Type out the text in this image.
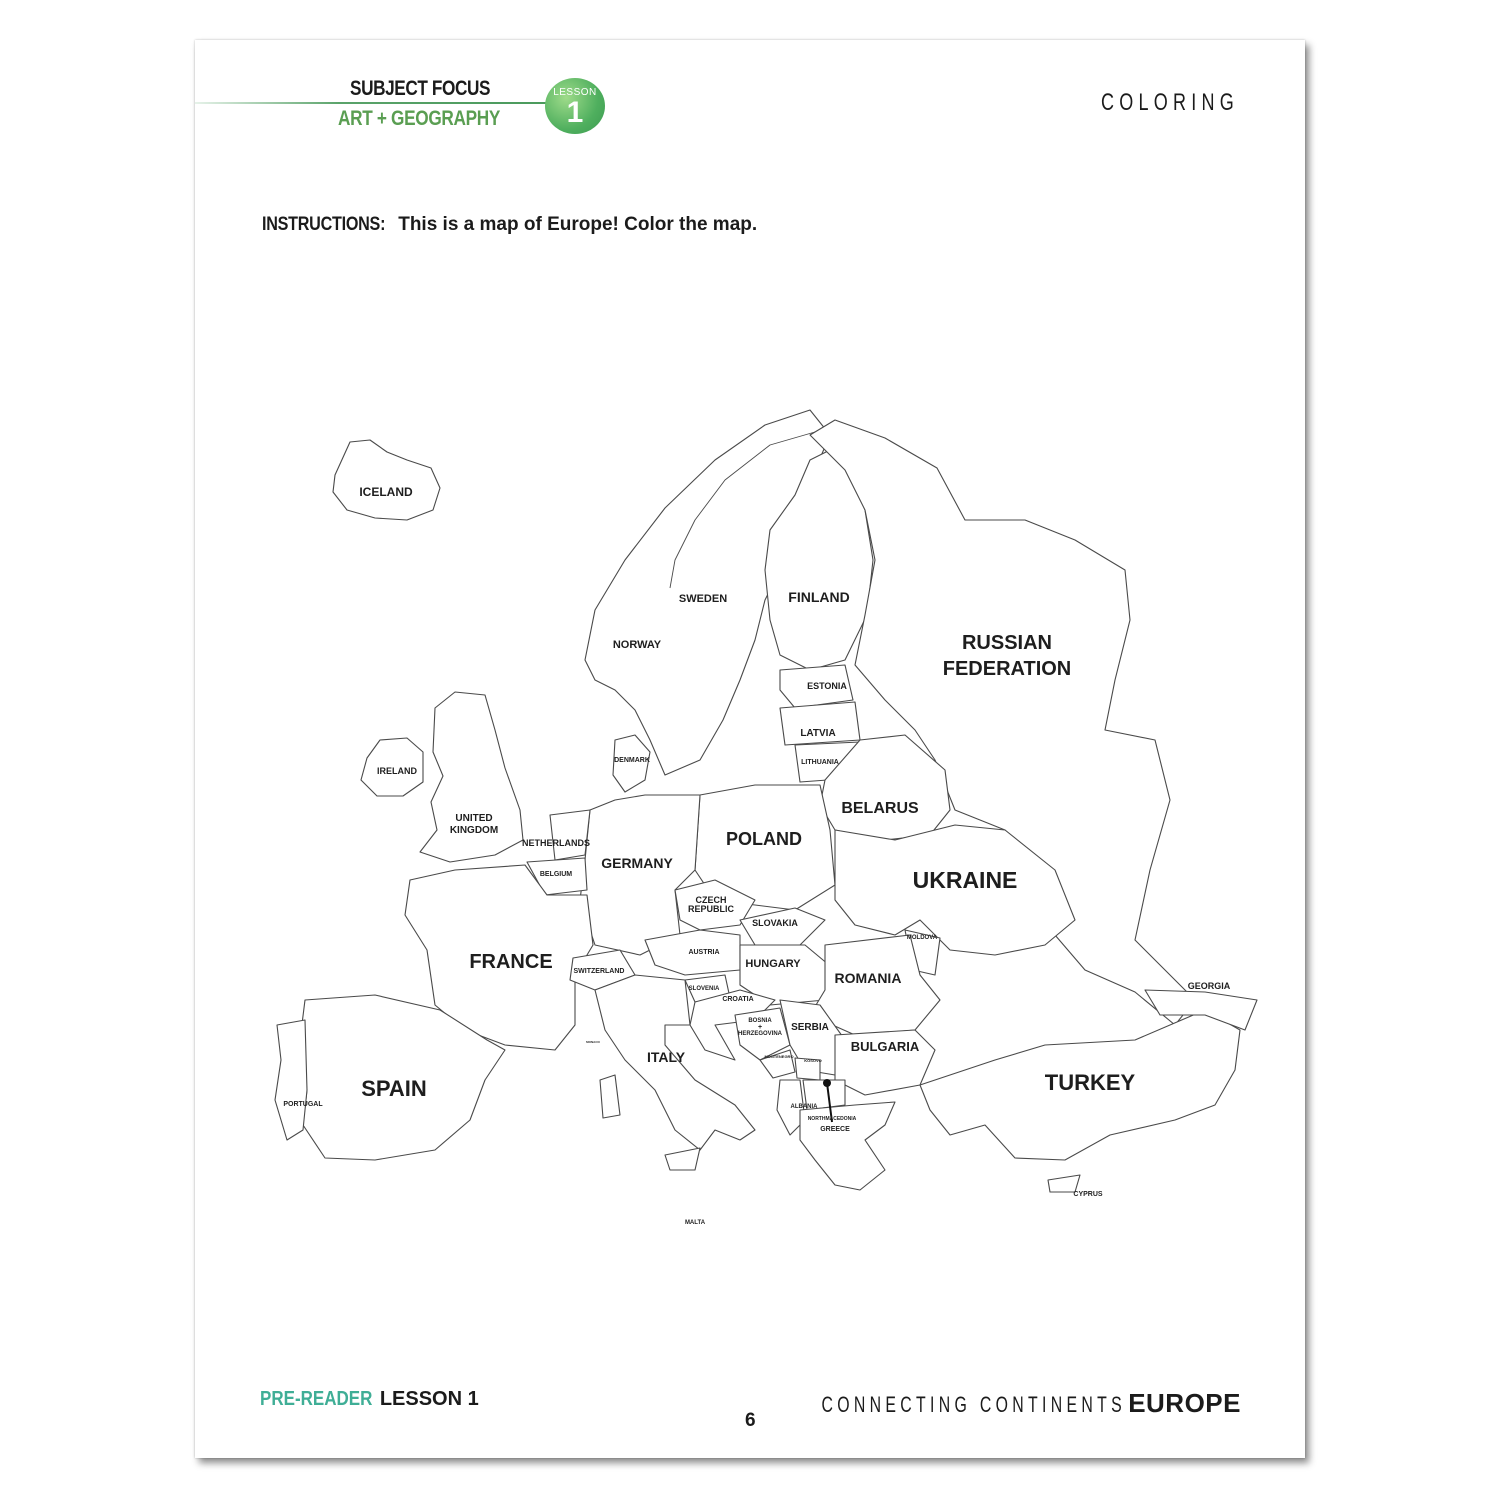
SUBJECT FOCUS
ART + GEOGRAPHY
LESSON
1	COLORING
INSTRUCTIONS: This is a map of Europe! Color the map.
ICELAND
NORWAY
SWEDEN	FINLAND
RUSSIAN
FEDERATION
ESTONIA
LATVIA
LITHUANIA
DENMARK
IRELAND
UNITED
KINGDOM
NETHERLANDS
BELGIUM
GERMANY
POLAND
BELARUS
UKRAINE
CZECH
REPUBLIC
SLOVAKIA
AUSTRIA
HUNGARY
MOLDOVA
ROMANIA
FRANCE	SWITZERLAND
SLOVENIA
CROATIA
BOSNIA
+
HERZEGOVINA
SERBIA
MONTENEGRO
KOSOVO
BULGARIA
GEORGIA
SPAIN
PORTUGAL
MONACO
ITALY
ALBANIA
NORTHMACEDONIA
GREECE
TURKEY
CYPRUS
MALTA
PRE-READER LESSON 1
6
CONNECTING CONTINENTS EUROPE
